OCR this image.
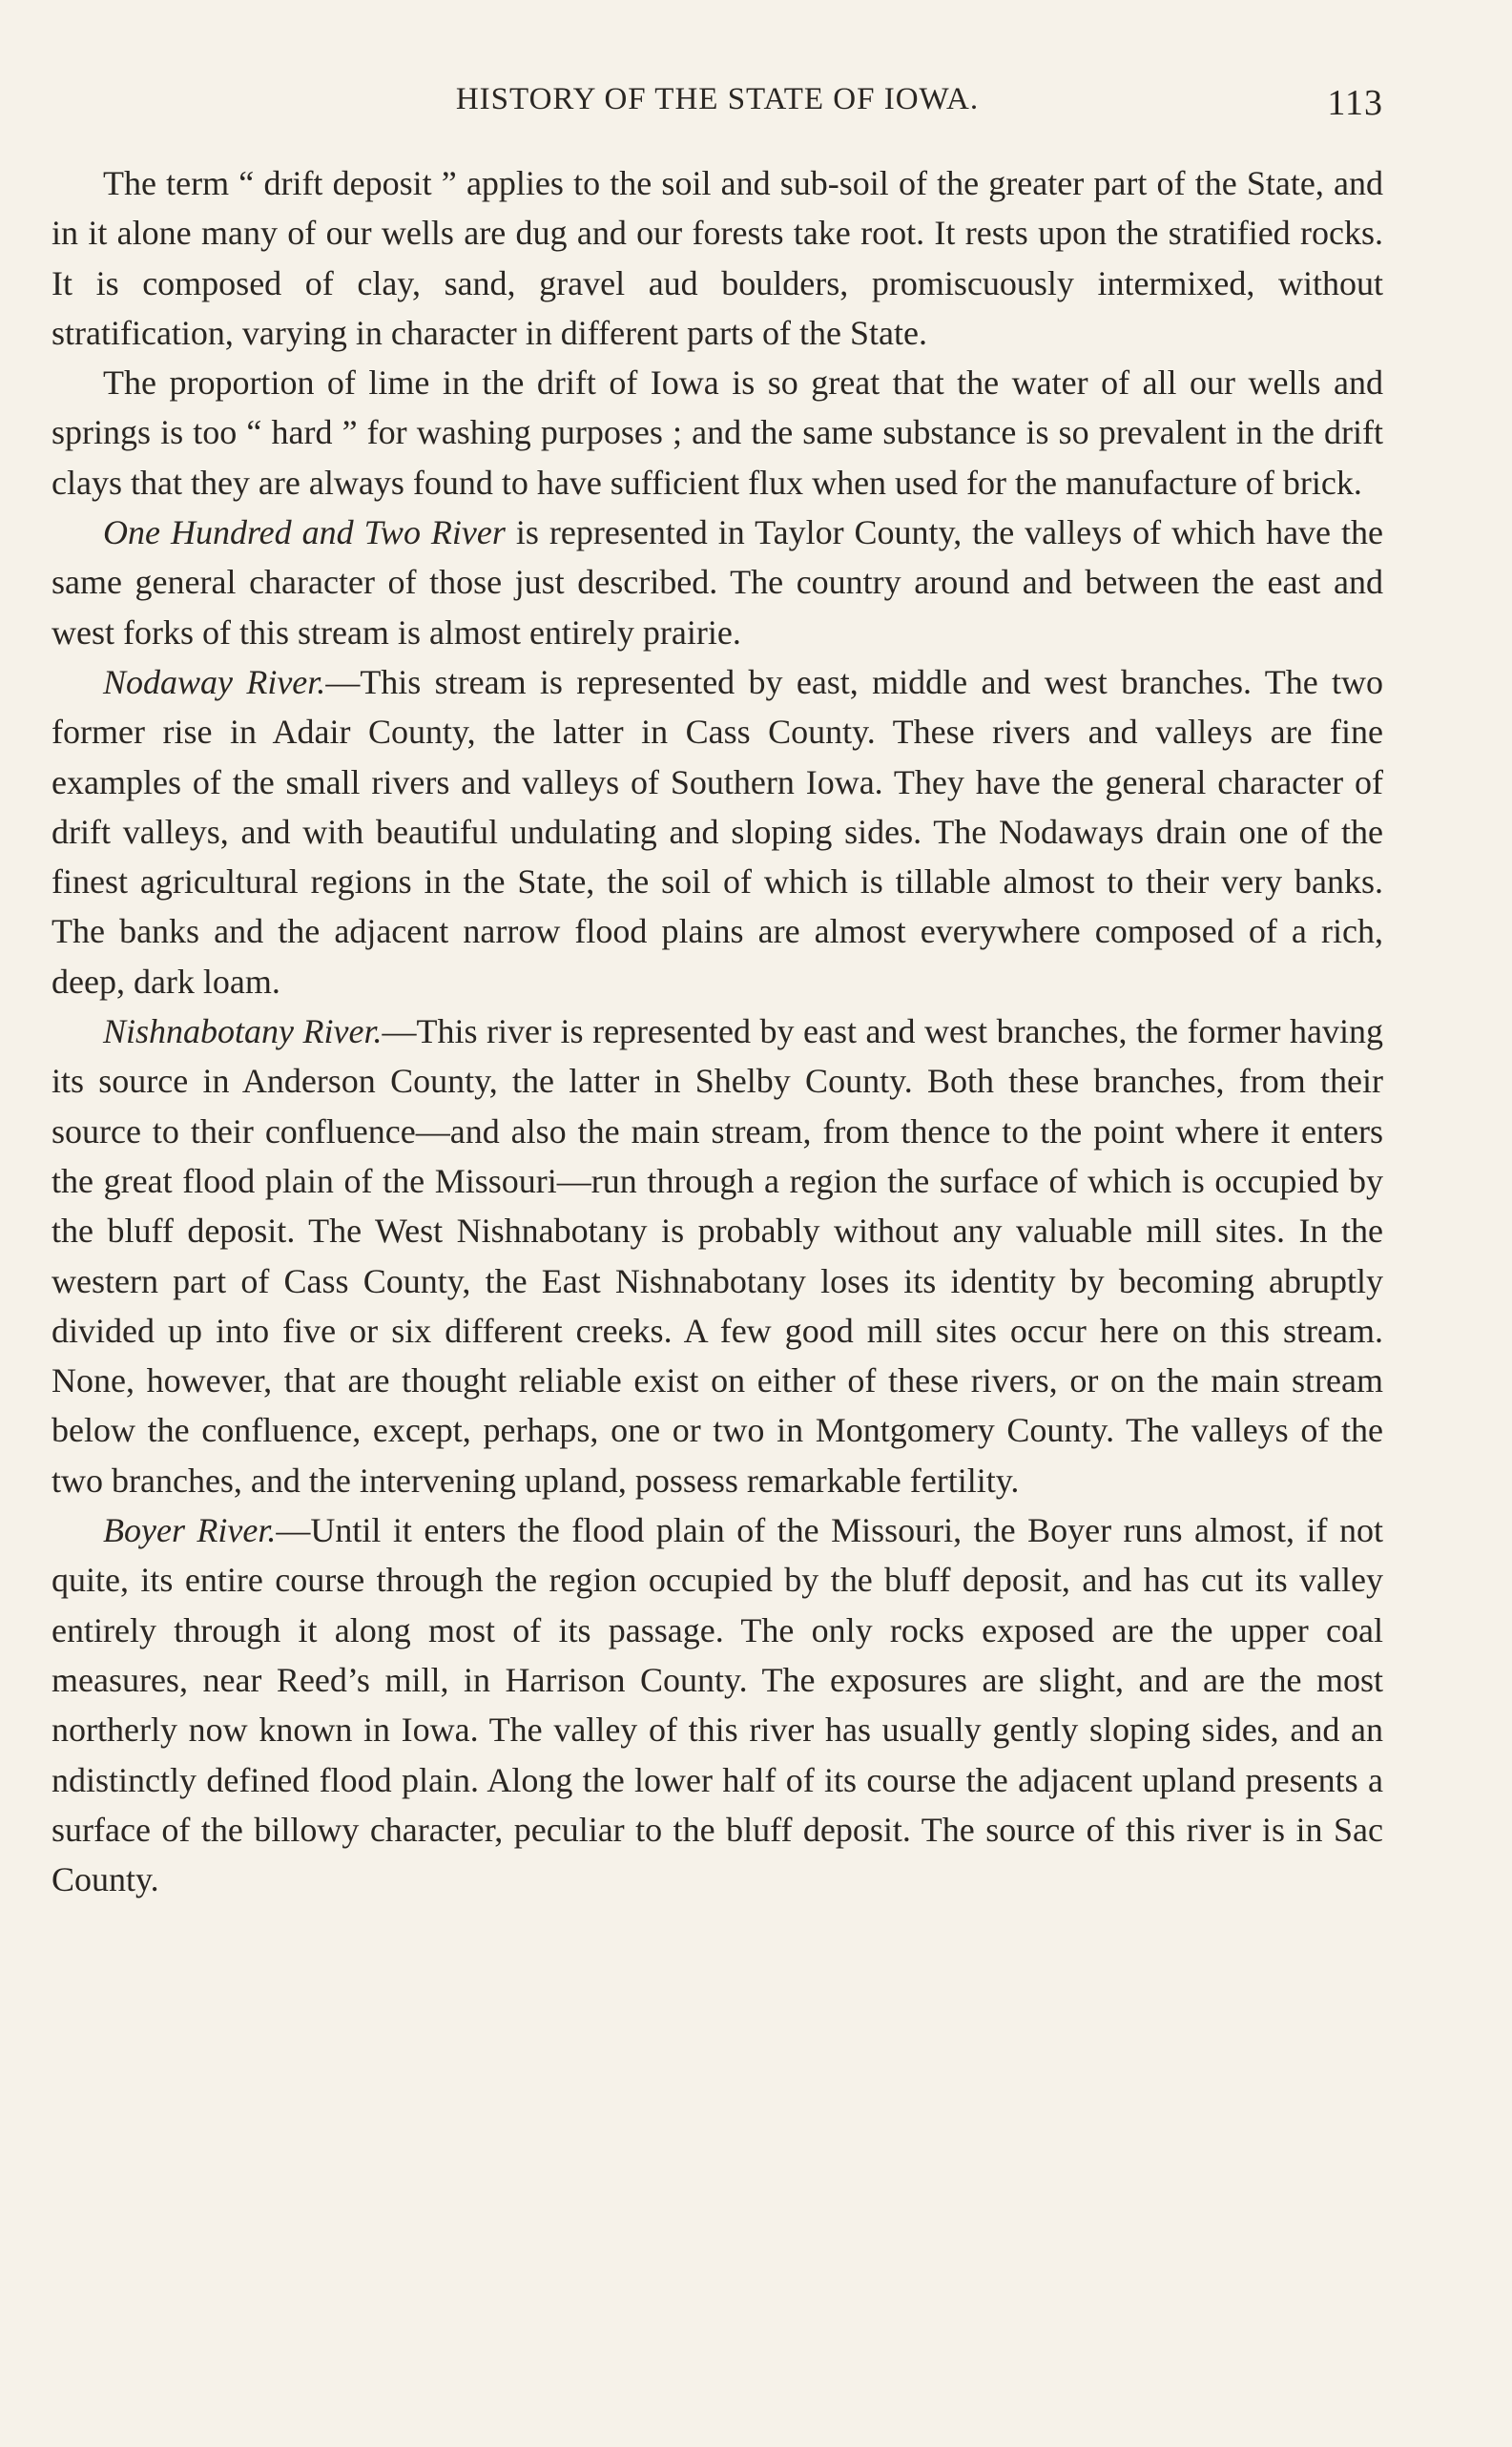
HISTORY OF THE STATE OF IOWA.	113

The term “ drift deposit ” applies to the soil and sub-soil of the greater part of the State, and in it alone many of our wells are dug and our forests take root. It rests upon the stratified rocks. It is composed of clay, sand, gravel aud boulders, promiscuously intermixed, without stratification, varying in character in different parts of the State.

The proportion of lime in the drift of Iowa is so great that the water of all our wells and springs is too “ hard ” for washing purposes ; and the same substance is so prevalent in the drift clays that they are always found to have sufficient flux when used for the manufacture of brick.

One Hundred and Two River is represented in Taylor County, the valleys of which have the same general character of those just described. The country around and between the east and west forks of this stream is almost entirely prairie.

Nodaway River.—This stream is represented by east, middle and west branches. The two former rise in Adair County, the latter in Cass County. These rivers and valleys are fine examples of the small rivers and valleys of Southern Iowa. They have the general character of drift valleys, and with beautiful undulating and sloping sides. The Nodaways drain one of the finest agricultural regions in the State, the soil of which is tillable almost to their very banks. The banks and the adjacent narrow flood plains are almost everywhere composed of a rich, deep, dark loam.

Nishnabotany River.—This river is represented by east and west branches, the former having its source in Anderson County, the latter in Shelby County. Both these branches, from their source to their confluence—and also the main stream, from thence to the point where it enters the great flood plain of the Missouri—run through a region the surface of which is occupied by the bluff deposit. The West Nishnabotany is probably without any valuable mill sites. In the western part of Cass County, the East Nishnabotany loses its identity by becoming abruptly divided up into five or six different creeks. A few good mill sites occur here on this stream. None, however, that are thought reliable exist on either of these rivers, or on the main stream below the confluence, except, perhaps, one or two in Montgomery County. The valleys of the two branches, and the intervening upland, possess remarkable fertility.

Boyer River.—Until it enters the flood plain of the Missouri, the Boyer runs almost, if not quite, its entire course through the region occupied by the bluff deposit, and has cut its valley entirely through it along most of its passage. The only rocks exposed are the upper coal measures, near Reed’s mill, in Harrison County. The exposures are slight, and are the most northerly now known in Iowa. The valley of this river has usually gently sloping sides, and an ndistinctly defined flood plain. Along the lower half of its course the adjacent upland presents a surface of the billowy character, peculiar to the bluff deposit. The source of this river is in Sac County.
